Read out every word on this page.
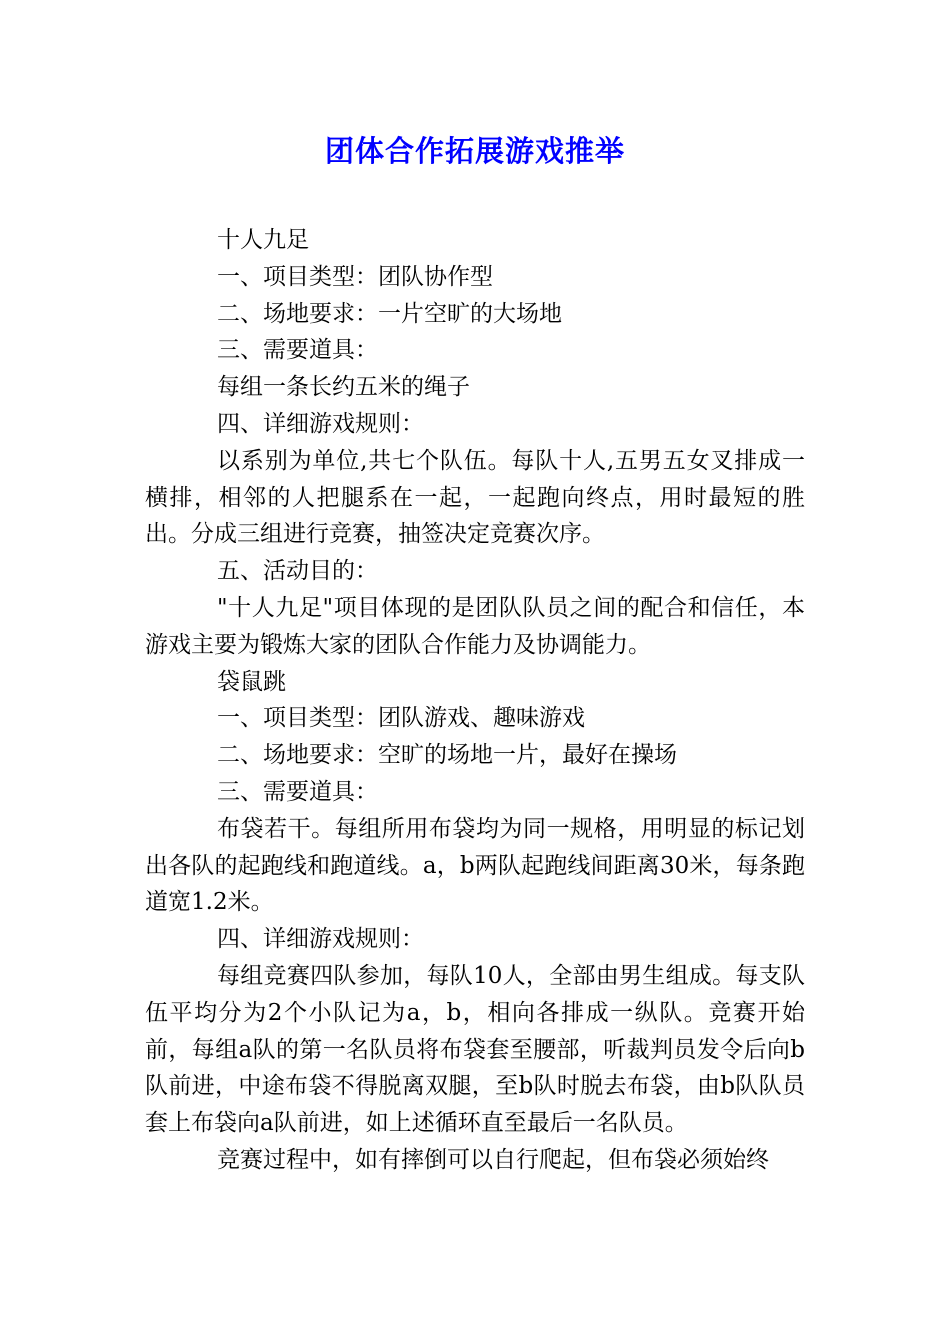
团体合作拓展游戏推举

十人九足

一、项目类型：团队协作型

二、场地要求：一片空旷的大场地

三、需要道具：

每组一条长约五米的绳子

四、详细游戏规则：

以系别为单位,共七个队伍。每队十人,五男五女叉排成一横排，相邻的人把腿系在一起，一起跑向终点，用时最短的胜出。分成三组进行竞赛，抽签决定竞赛次序。

五、活动目的：

"十人九足"项目体现的是团队队员之间的配合和信任，本游戏主要为锻炼大家的团队合作能力及协调能力。

袋鼠跳

一、项目类型：团队游戏、趣味游戏

二、场地要求：空旷的场地一片，最好在操场

三、需要道具：

布袋若干。每组所用布袋均为同一规格，用明显的标记划出各队的起跑线和跑道线。a，b两队起跑线间距离30米，每条跑道宽1.2米。

四、详细游戏规则：

每组竞赛四队参加，每队10人，全部由男生组成。每支队伍平均分为2个小队记为a，b，相向各排成一纵队。竞赛开始前，每组a队的第一名队员将布袋套至腰部，听裁判员发令后向b队前进，中途布袋不得脱离双腿，至b队时脱去布袋，由b队队员套上布袋向a队前进，如上述循环直至最后一名队员。

竞赛过程中，如有摔倒可以自行爬起，但布袋必须始终
